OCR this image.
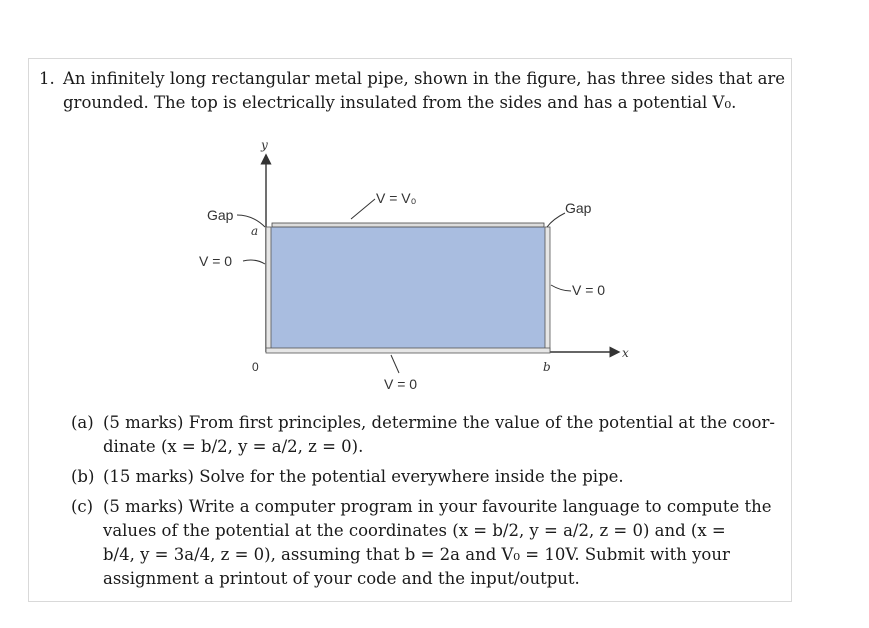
1. An infinitely long rectangular metal pipe, shown in the figure, has three sides that are
grounded. The top is electrically insulated from the sides and has a potential V₀.
y
x
V = V₀
Gap	Gap
a
V = 0
V = 0
V = 0
0	b
(a) (5 marks) From first principles, determine the value of the potential at the coor-
dinate (x = b/2, y = a/2, z = 0).
(b) (15 marks) Solve for the potential everywhere inside the pipe.
(c) (5 marks) Write a computer program in your favourite language to compute the
values of the potential at the coordinates (x = b/2, y = a/2, z = 0) and (x =
b/4, y = 3a/4, z = 0), assuming that b = 2a and V₀ = 10V. Submit with your
assignment a printout of your code and the input/output.
